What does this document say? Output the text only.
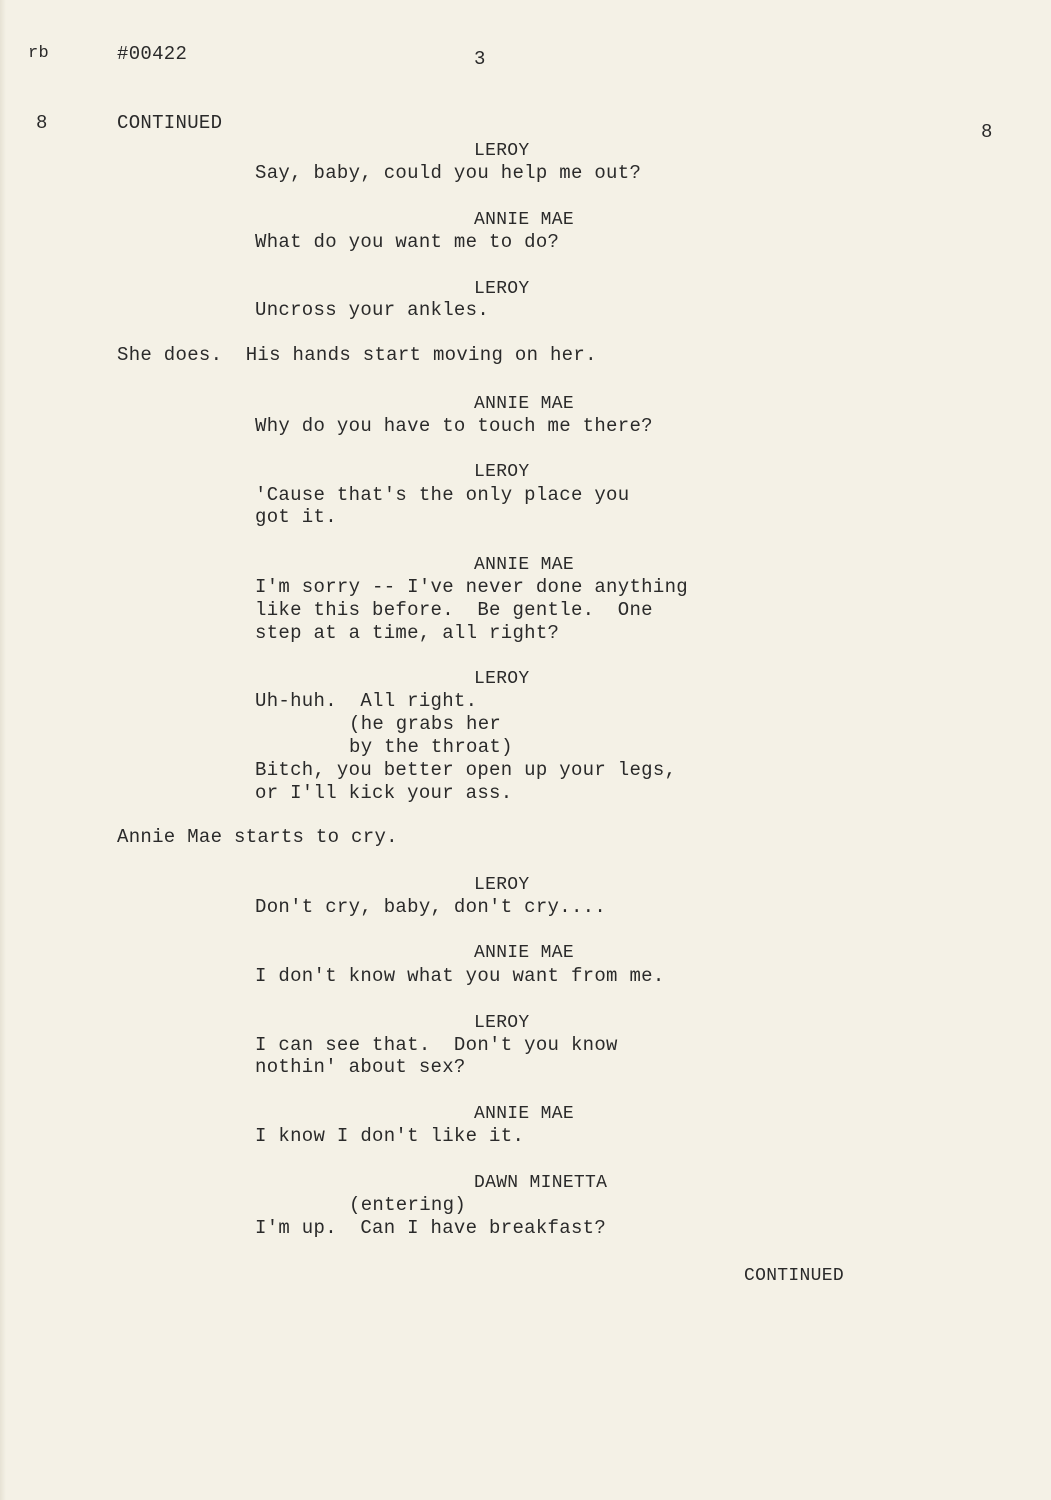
rb	#00422	3
8	CONTINUED	8
LEROY
Say, baby, could you help me out?
ANNIE MAE
What do you want me to do?
LEROY
Uncross your ankles.
She does.  His hands start moving on her.
ANNIE MAE
Why do you have to touch me there?
LEROY
'Cause that's the only place you
got it.
ANNIE MAE
I'm sorry -- I've never done anything
like this before.  Be gentle.  One
step at a time, all right?
LEROY
Uh-huh.  All right.
(he grabs her
by the throat)
Bitch, you better open up your legs,
or I'll kick your ass.
Annie Mae starts to cry.
LEROY
Don't cry, baby, don't cry....
ANNIE MAE
I don't know what you want from me.
LEROY
I can see that.  Don't you know
nothin' about sex?
ANNIE MAE
I know I don't like it.
DAWN MINETTA
(entering)
I'm up.  Can I have breakfast?
CONTINUED
